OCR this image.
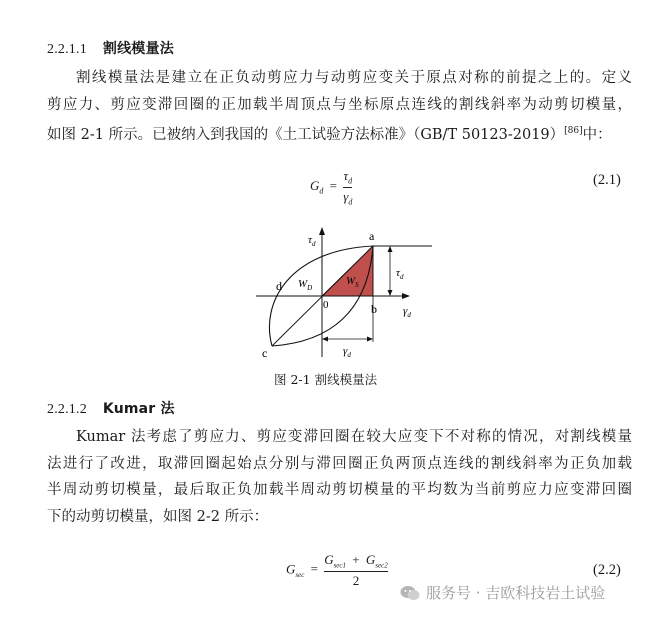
2.2.1.1 割线模量法
割线模量法是建立在正负动剪应力与动剪应变关于原点对称的前提之上的。定义
剪应力、剪应变滞回圈的正加载半周顶点与坐标原点连线的割线斜率为动剪切模量，
如图 2-1 所示。已被纳入到我国的《土工试验方法标准》（GB/T 50123-2019）[86]中：
$G_d = \frac{\tau_d}{\gamma_d}$	(2.1)
$\tau_d$
$\gamma_d$
a
b
c
d
0
$W_D$
$W_S$
$\tau_d$
$\gamma_d$
图 2-1 割线模量法
2.2.1.2 Kumar 法
Kumar 法考虑了剪应力、剪应变滞回圈在较大应变下不对称的情况，对割线模量
法进行了改进，取滞回圈起始点分别与滞回圈正负两顶点连线的割线斜率为正负加载
半周动剪切模量，最后取正负加载半周动剪切模量的平均数为当前剪应力应变滞回圈
下的动剪切模量，如图 2-2 所示：
$G_{sec} = \frac{G_{sec1} + G_{sec2}}{2}$	(2.2)
服务号 · 吉欧科技岩土试验
